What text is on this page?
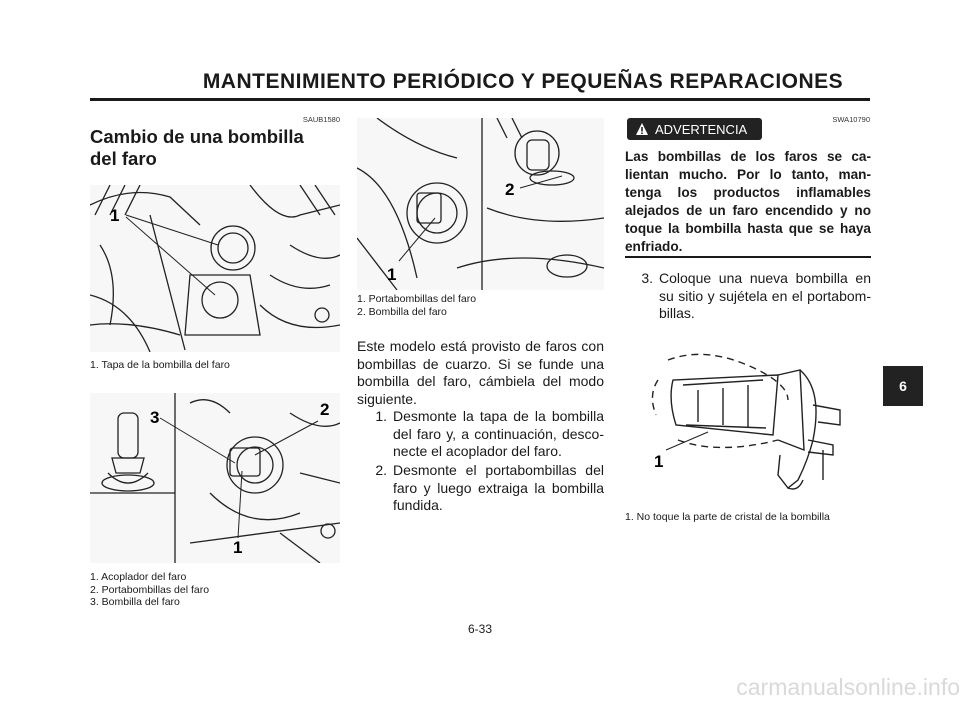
MANTENIMIENTO PERIÓDICO Y PEQUEÑAS REPARACIONES
SAUB1580
Cambio de una bombilla
del faro
1
1. Tapa de la bombilla del faro
3	2
1
1. Acoplador del faro
2. Portabombillas del faro
3. Bombilla del faro
2
1
1. Portabombillas del faro
2. Bombilla del faro
Este modelo está provisto de faros con bombillas de cuarzo. Si se funde una bombilla del faro, cámbiela del modo siguiente.
1. Desmonte la tapa de la bombilla del faro y, a continuación, desco-necte el acoplador del faro.
2. Desmonte el portabombillas del faro y luego extraiga la bombilla fundida.
SWA10790
ADVERTENCIA
Las bombillas de los faros se ca-lientan mucho. Por lo tanto, man-tenga los productos inflamables alejados de un faro encendido y no toque la bombilla hasta que se haya enfriado.
3. Coloque una nueva bombilla en su sitio y sujétela en el portabom-billas.
1
1. No toque la parte de cristal de la bombilla
6
6-33
carmanualsonline.info
